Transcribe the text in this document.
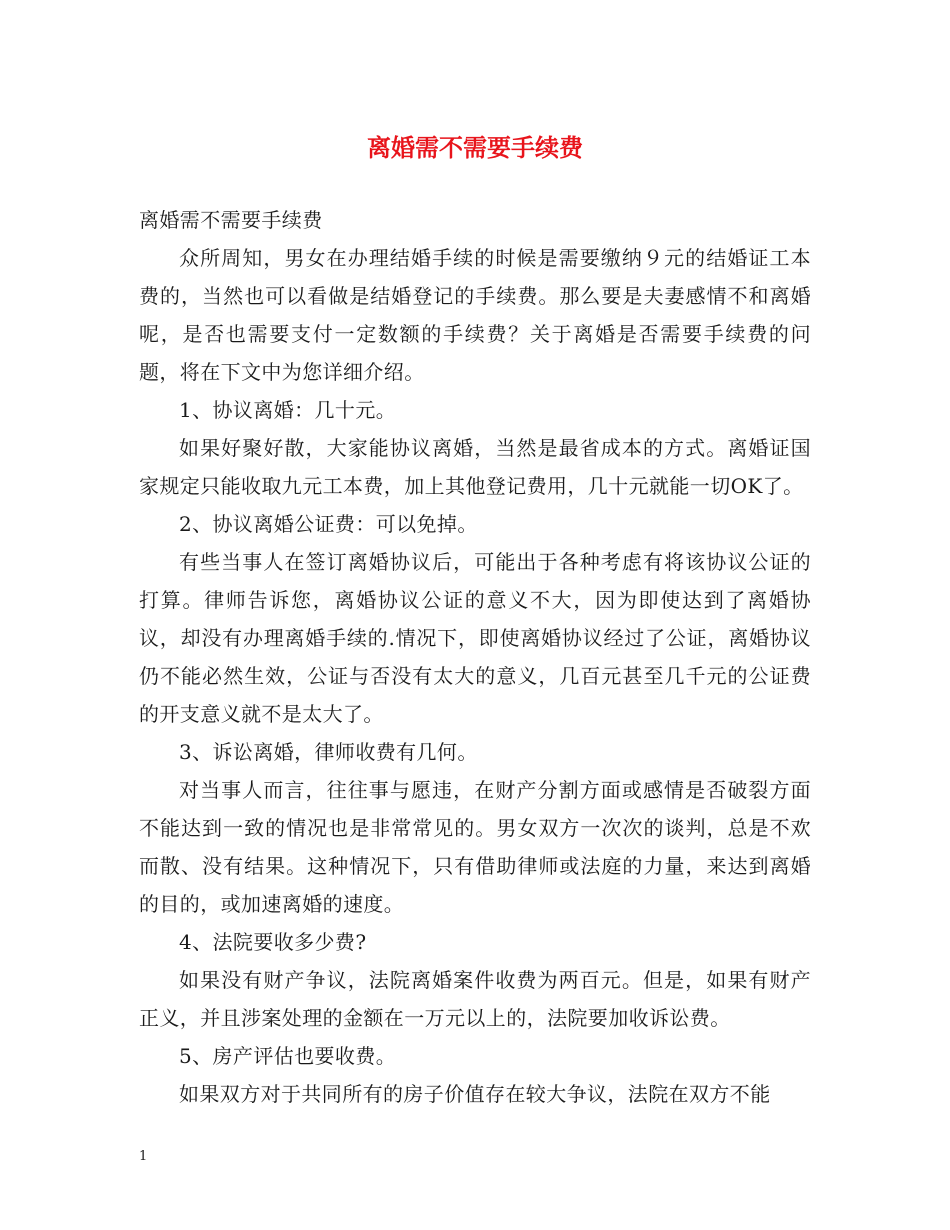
离婚需不需要手续费

离婚需不需要手续费

众所周知，男女在办理结婚手续的时候是需要缴纳９元的结婚证工本费的，当然也可以看做是结婚登记的手续费。那么要是夫妻感情不和离婚呢，是否也需要支付一定数额的手续费？关于离婚是否需要手续费的问题，将在下文中为您详细介绍。

1、协议离婚：几十元。

如果好聚好散，大家能协议离婚，当然是最省成本的方式。离婚证国家规定只能收取九元工本费，加上其他登记费用，几十元就能一切OK了。

2、协议离婚公证费：可以免掉。

有些当事人在签订离婚协议后，可能出于各种考虑有将该协议公证的打算。律师告诉您，离婚协议公证的意义不大，因为即使达到了离婚协议，却没有办理离婚手续的.情况下，即使离婚协议经过了公证，离婚协议仍不能必然生效，公证与否没有太大的意义，几百元甚至几千元的公证费的开支意义就不是太大了。

3、诉讼离婚，律师收费有几何。

对当事人而言，往往事与愿违，在财产分割方面或感情是否破裂方面不能达到一致的情况也是非常常见的。男女双方一次次的谈判，总是不欢而散、没有结果。这种情况下，只有借助律师或法庭的力量，来达到离婚的目的，或加速离婚的速度。

4、法院要收多少费?

如果没有财产争议，法院离婚案件收费为两百元。但是，如果有财产正义，并且涉案处理的金额在一万元以上的，法院要加收诉讼费。

5、房产评估也要收费。

如果双方对于共同所有的房子价值存在较大争议，法院在双方不能

1
